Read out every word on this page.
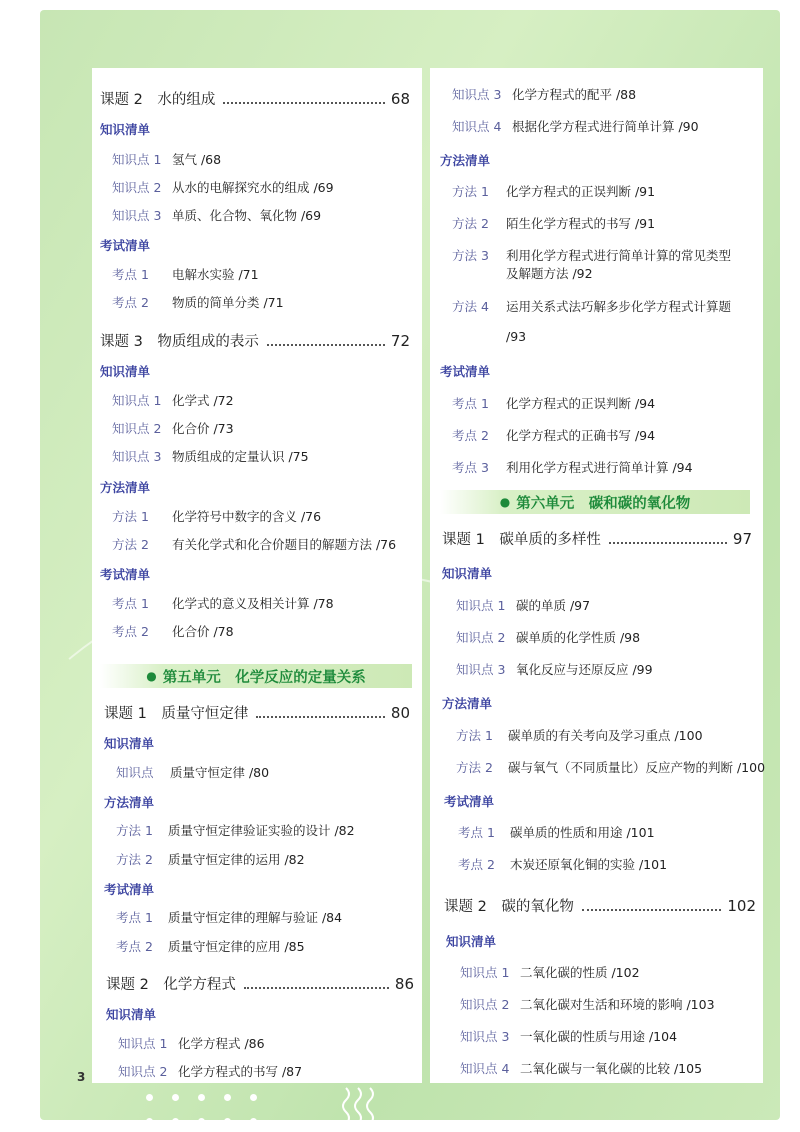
课题 2　水的组成	68
知识清单
知识点 1 氢气 /68
知识点 2 从水的电解探究水的组成 /69
知识点 3 单质、化合物、氧化物 /69
考试清单
考点 1	电解水实验 /71
考点 2	物质的简单分类 /71
课题 3　物质组成的表示	72
知识清单
知识点 1 化学式 /72
知识点 2 化合价 /73
知识点 3 物质组成的定量认识 /75
方法清单
方法 1	化学符号中数字的含义 /76
方法 2	有关化学式和化合价题目的解题方法 /76
考试清单
考点 1	化学式的意义及相关计算 /78
考点 2	化合价 /78
● 第五单元　化学反应的定量关系
课题 1　质量守恒定律	80
知识清单
知识点	质量守恒定律 /80
方法清单
方法 1	质量守恒定律验证实验的设计 /82
方法 2	质量守恒定律的运用 /82
考试清单
考点 1	质量守恒定律的理解与验证 /84
考点 2	质量守恒定律的应用 /85
课题 2　化学方程式	86
知识清单
知识点 1 化学方程式 /86
知识点 2 化学方程式的书写 /87
知识点 3 化学方程式的配平 /88
知识点 4 根据化学方程式进行简单计算 /90
方法清单
方法 1	化学方程式的正误判断 /91
方法 2	陌生化学方程式的书写 /91
方法 3	利用化学方程式进行简单计算的常见类型
及解题方法 /92
方法 4	运用关系式法巧解多步化学方程式计算题
/93
考试清单
考点 1	化学方程式的正误判断 /94
考点 2	化学方程式的正确书写 /94
考点 3	利用化学方程式进行简单计算 /94
● 第六单元　碳和碳的氧化物
课题 1　碳单质的多样性	97
知识清单
知识点 1 碳的单质 /97
知识点 2 碳单质的化学性质 /98
知识点 3 氧化反应与还原反应 /99
方法清单
方法 1	碳单质的有关考向及学习重点 /100
方法 2	碳与氧气（不同质量比）反应产物的判断 /100
考试清单
考点 1	碳单质的性质和用途 /101
考点 2	木炭还原氧化铜的实验 /101
课题 2　碳的氧化物	102
知识清单
知识点 1 二氧化碳的性质 /102
知识点 2 二氧化碳对生活和环境的影响 /103
知识点 3 一氧化碳的性质与用途 /104
知识点 4 二氧化碳与一氧化碳的比较 /105
3
